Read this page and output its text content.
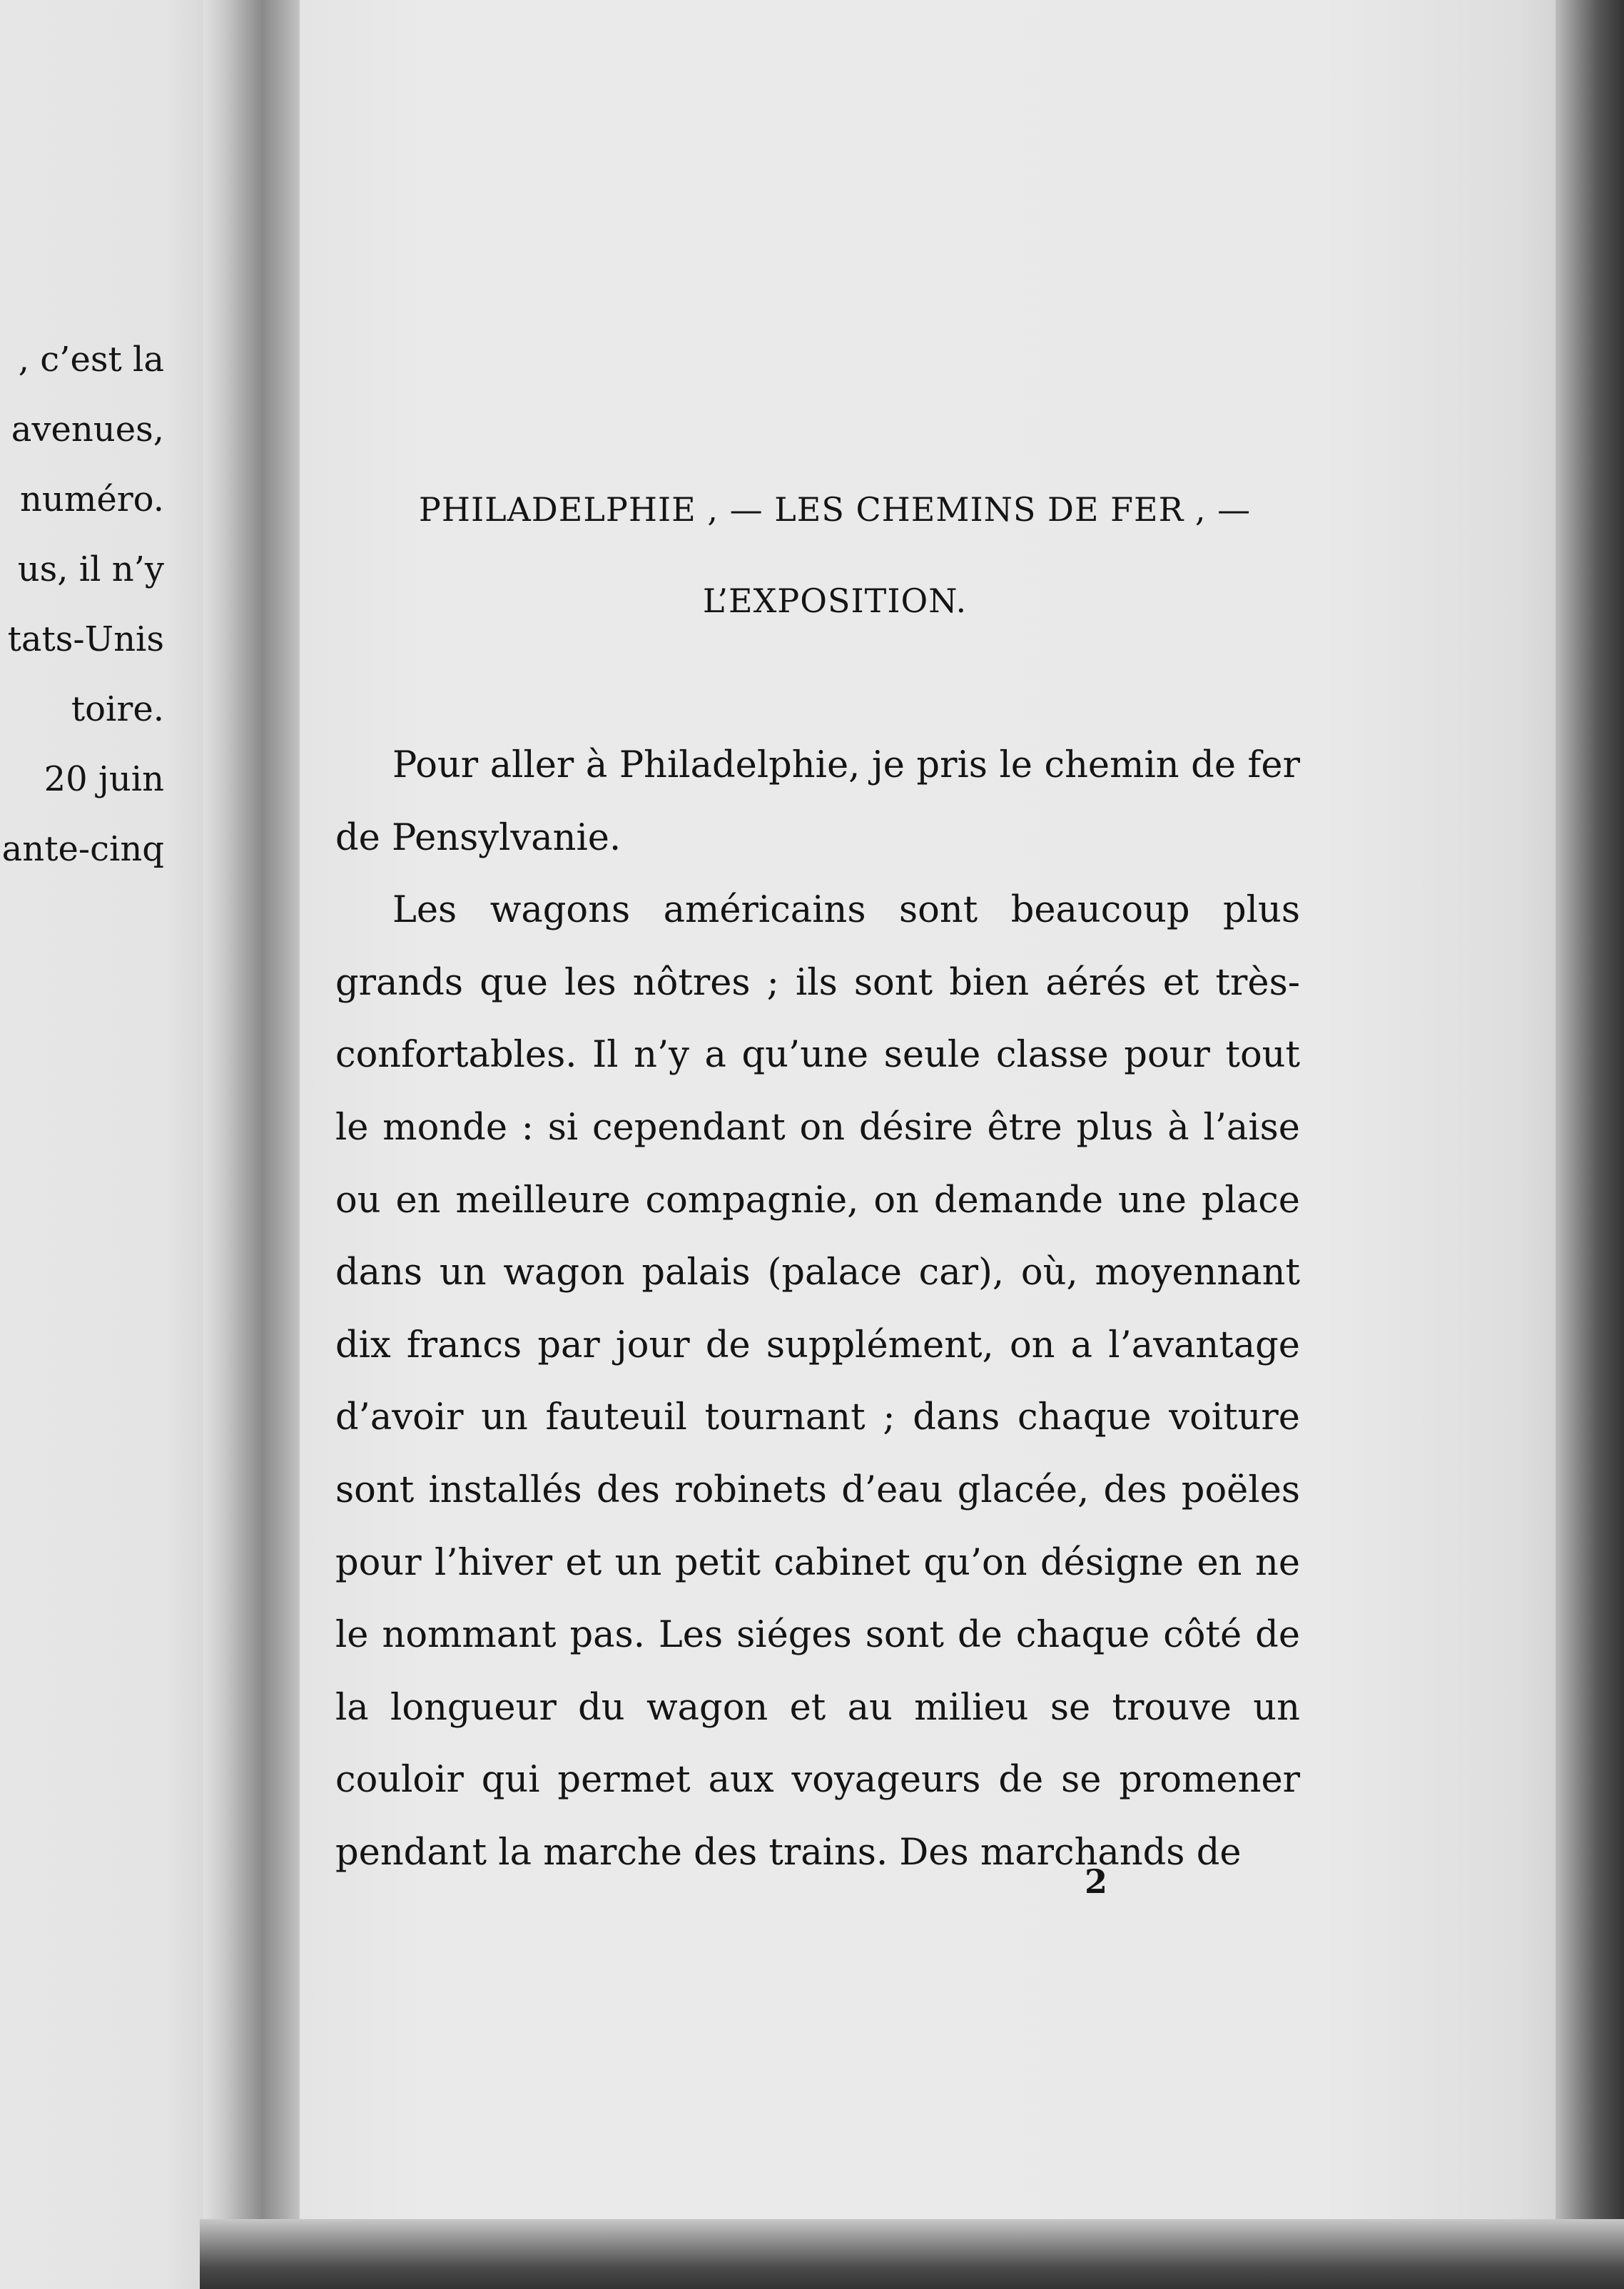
, c’est la
avenues,
numéro.
us, il n’y
tats-Unis
toire.
20 juin
ante-cinq
PHILADELPHIE , — LES CHEMINS DE FER , —
L’EXPOSITION.

Pour aller à Philadelphie, je pris le chemin de fer de Pensylvanie.

Les wagons américains sont beaucoup plus grands que les nôtres ; ils sont bien aérés et très-confortables. Il n’y a qu’une seule classe pour tout le monde : si cependant on désire être plus à l’aise ou en meilleure compagnie, on demande une place dans un wagon palais (palace car), où, moyennant dix francs par jour de supplément, on a l’avantage d’avoir un fauteuil tournant ; dans chaque voiture sont installés des robinets d’eau glacée, des poëles pour l’hiver et un petit cabinet qu’on désigne en ne le nommant pas. Les siéges sont de chaque côté de la longueur du wagon et au milieu se trouve un couloir qui permet aux voyageurs de se promener pendant la marche des trains. Des marchands de

2
